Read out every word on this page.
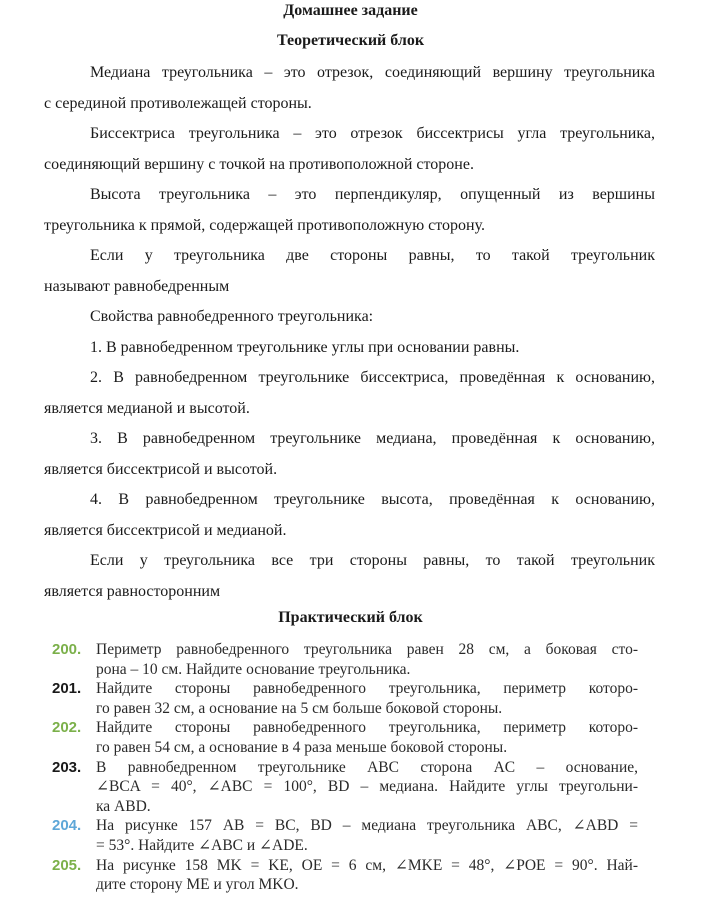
Домашнее задание
Теоретический блок
Медиана треугольника – это отрезок, соединяющий вершину треугольника
с серединой противолежащей стороны.
Биссектриса треугольника – это отрезок биссектрисы угла треугольника,
соединяющий вершину с точкой на противоположной стороне.
Высота треугольника – это перпендикуляр, опущенный из вершины
треугольника к прямой, содержащей противоположную сторону.
Если у треугольника две стороны равны, то такой треугольник
называют равнобедренным
Свойства равнобедренного треугольника:
1. В равнобедренном треугольнике углы при основании равны.
2. В равнобедренном треугольнике биссектриса, проведённая к основанию,
является медианой и высотой.
3. В равнобедренном треугольнике медиана, проведённая к основанию,
является биссектрисой и высотой.
4. В равнобедренном треугольнике высота, проведённая к основанию,
является биссектрисой и медианой.
Если у треугольника все три стороны равны, то такой треугольник
является равносторонним
Практический блок
200. Периметр равнобедренного треугольника равен 28 см, а боковая сто-
рона – 10 см. Найдите основание треугольника.
201. Найдите стороны равнобедренного треугольника, периметр которо-
го равен 32 см, а основание на 5 см больше боковой стороны.
202. Найдите стороны равнобедренного треугольника, периметр которо-
го равен 54 см, а основание в 4 раза меньше боковой стороны.
203. В равнобедренном треугольнике ABC сторона AC – основание,
∠BCA = 40°, ∠ABC = 100°, BD – медиана. Найдите углы треугольни-
ка ABD.
204. На рисунке 157 AB = BC, BD – медиана треугольника ABC, ∠ABD =
= 53°. Найдите ∠ABC и ∠ADE.
205. На рисунке 158 MK = KE, OE = 6 см, ∠MKE = 48°, ∠POE = 90°. Най-
дите сторону ME и угол MKO.
